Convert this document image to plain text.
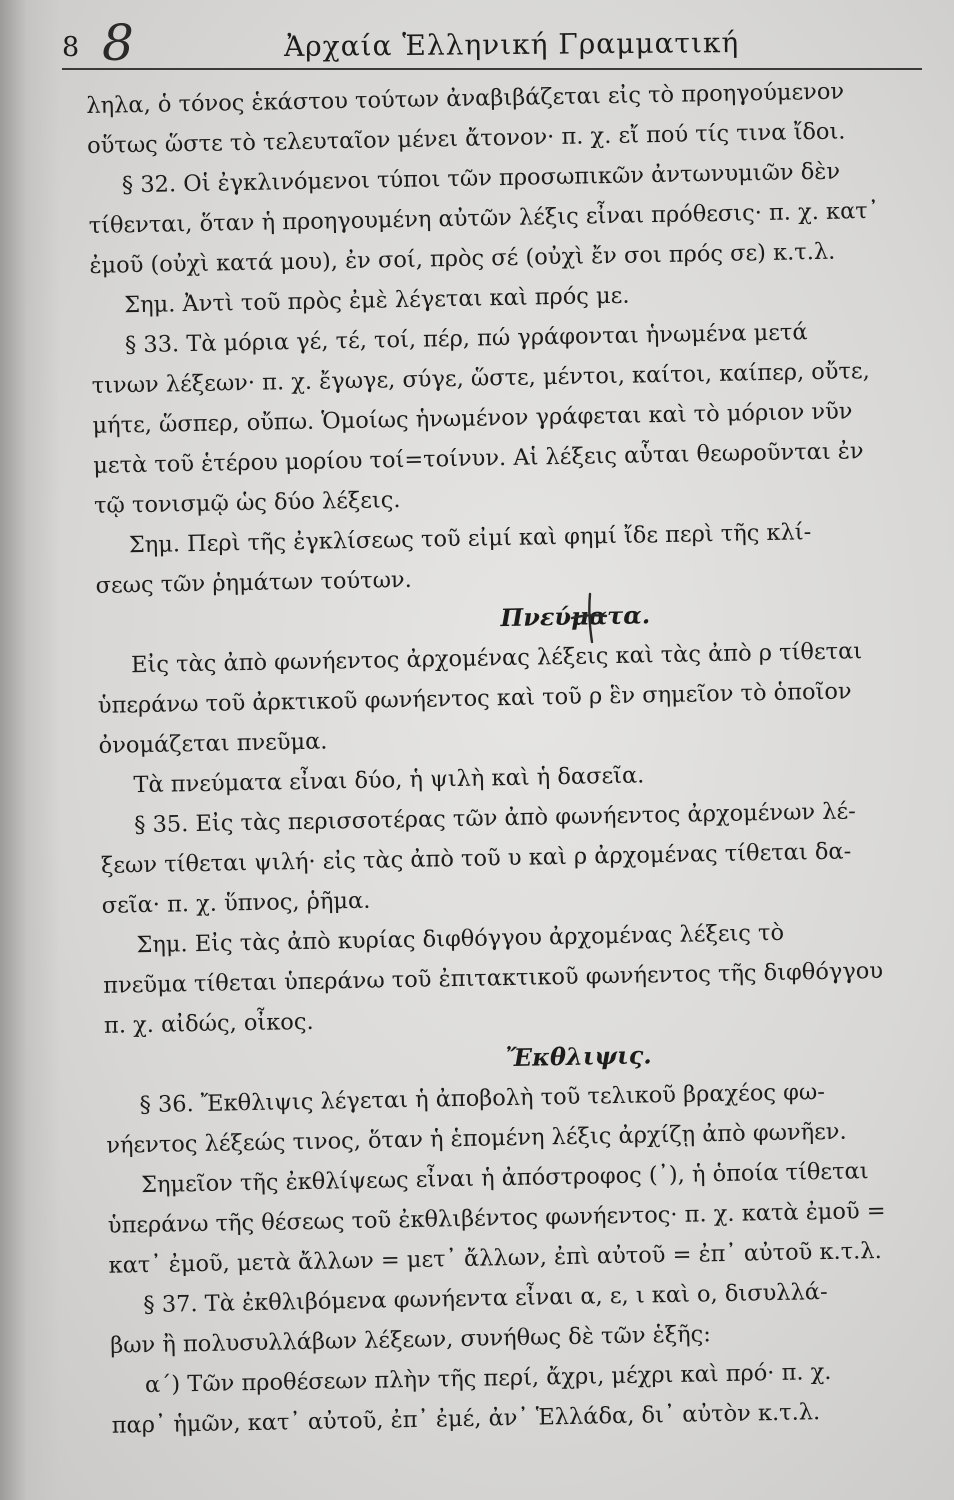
8 8	Ἀρχαία Ἑλληνική Γραμματική
ληλα, ὁ τόνος ἑκάστου τούτων ἀναβιβάζεται εἰς τὸ προηγούμενον
οὕτως ὥστε τὸ τελευταῖον μένει ἄτονον· π. χ. εἴ πού τίς τινα ἴδοι.
§ 32. Οἱ ἐγκλινόμενοι τύποι τῶν προσωπικῶν ἀντωνυμιῶν δὲν
τίθενται, ὅταν ἡ προηγουμένη αὐτῶν λέξις εἶναι πρόθεσις· π. χ. κατ᾿
ἐμοῦ (οὐχὶ κατά μου), ἐν σοί, πρὸς σέ (οὐχὶ ἔν σοι πρός σε) κ.τ.λ.
Σημ. Ἀντὶ τοῦ πρὸς ἐμὲ λέγεται καὶ πρός με.
§ 33. Τὰ μόρια γέ, τέ, τοί, πέρ, πώ γράφονται ἡνωμένα μετά
τινων λέξεων· π. χ. ἔγωγε, σύγε, ὥστε, μέντοι, καίτοι, καίπερ, οὔτε,
μήτε, ὥσπερ, οὔπω. Ὁμοίως ἡνωμένον γράφεται καὶ τὸ μόριον νῦν
μετὰ τοῦ ἑτέρου μορίου τοί=τοίνυν. Αἱ λέξεις αὗται θεωροῦνται ἐν
τῷ τονισμῷ ὡς δύο λέξεις.
Σημ. Περὶ τῆς ἐγκλίσεως τοῦ εἰμί καὶ φημί ἴδε περὶ τῆς κλί-
σεως τῶν ῥημάτων τούτων.
Πνεύματα.
Εἰς τὰς ἀπὸ φωνήεντος ἀρχομένας λέξεις καὶ τὰς ἀπὸ ρ τίθεται
ὑπεράνω τοῦ ἀρκτικοῦ φωνήεντος καὶ τοῦ ρ ἓν σημεῖον τὸ ὁποῖον
ὀνομάζεται πνεῦμα.
Τὰ πνεύματα εἶναι δύο, ἡ ψιλὴ καὶ ἡ δασεῖα.
§ 35. Εἰς τὰς περισσοτέρας τῶν ἀπὸ φωνήεντος ἀρχομένων λέ-
ξεων τίθεται ψιλή· εἰς τὰς ἀπὸ τοῦ υ καὶ ρ ἀρχομένας τίθεται δα-
σεῖα· π. χ. ὕπνος, ῥῆμα.
Σημ. Εἰς τὰς ἀπὸ κυρίας διφθόγγου ἀρχομένας λέξεις τὸ
πνεῦμα τίθεται ὑπεράνω τοῦ ἐπιτακτικοῦ φωνήεντος τῆς διφθόγγου
π. χ. αἰδώς, οἶκος.
Ἔκθλιψις.
§ 36. Ἔκθλιψις λέγεται ἡ ἀποβολὴ τοῦ τελικοῦ βραχέος φω-
νήεντος λέξεώς τινος, ὅταν ἡ ἑπομένη λέξις ἀρχίζῃ ἀπὸ φωνῆεν.
Σημεῖον τῆς ἐκθλίψεως εἶναι ἡ ἀπόστροφος (᾿), ἡ ὁποία τίθεται
ὑπεράνω τῆς θέσεως τοῦ ἐκθλιβέντος φωνήεντος· π. χ. κατὰ ἐμοῦ =
κατ᾿ ἐμοῦ, μετὰ ἄλλων = μετ᾿ ἄλλων, ἐπὶ αὐτοῦ = ἐπ᾿ αὐτοῦ κ.τ.λ.
§ 37. Τὰ ἐκθλιβόμενα φωνήεντα εἶναι α, ε, ι καὶ ο, δισυλλά-
βων ἢ πολυσυλλάβων λέξεων, συνήθως δὲ τῶν ἑξῆς:
α΄) Τῶν προθέσεων πλὴν τῆς περί, ἄχρι, μέχρι καὶ πρό· π. χ.
παρ᾿ ἡμῶν, κατ᾿ αὐτοῦ, ἐπ᾿ ἐμέ, ἀν᾿ Ἑλλάδα, δι᾿ αὐτὸν κ.τ.λ.
